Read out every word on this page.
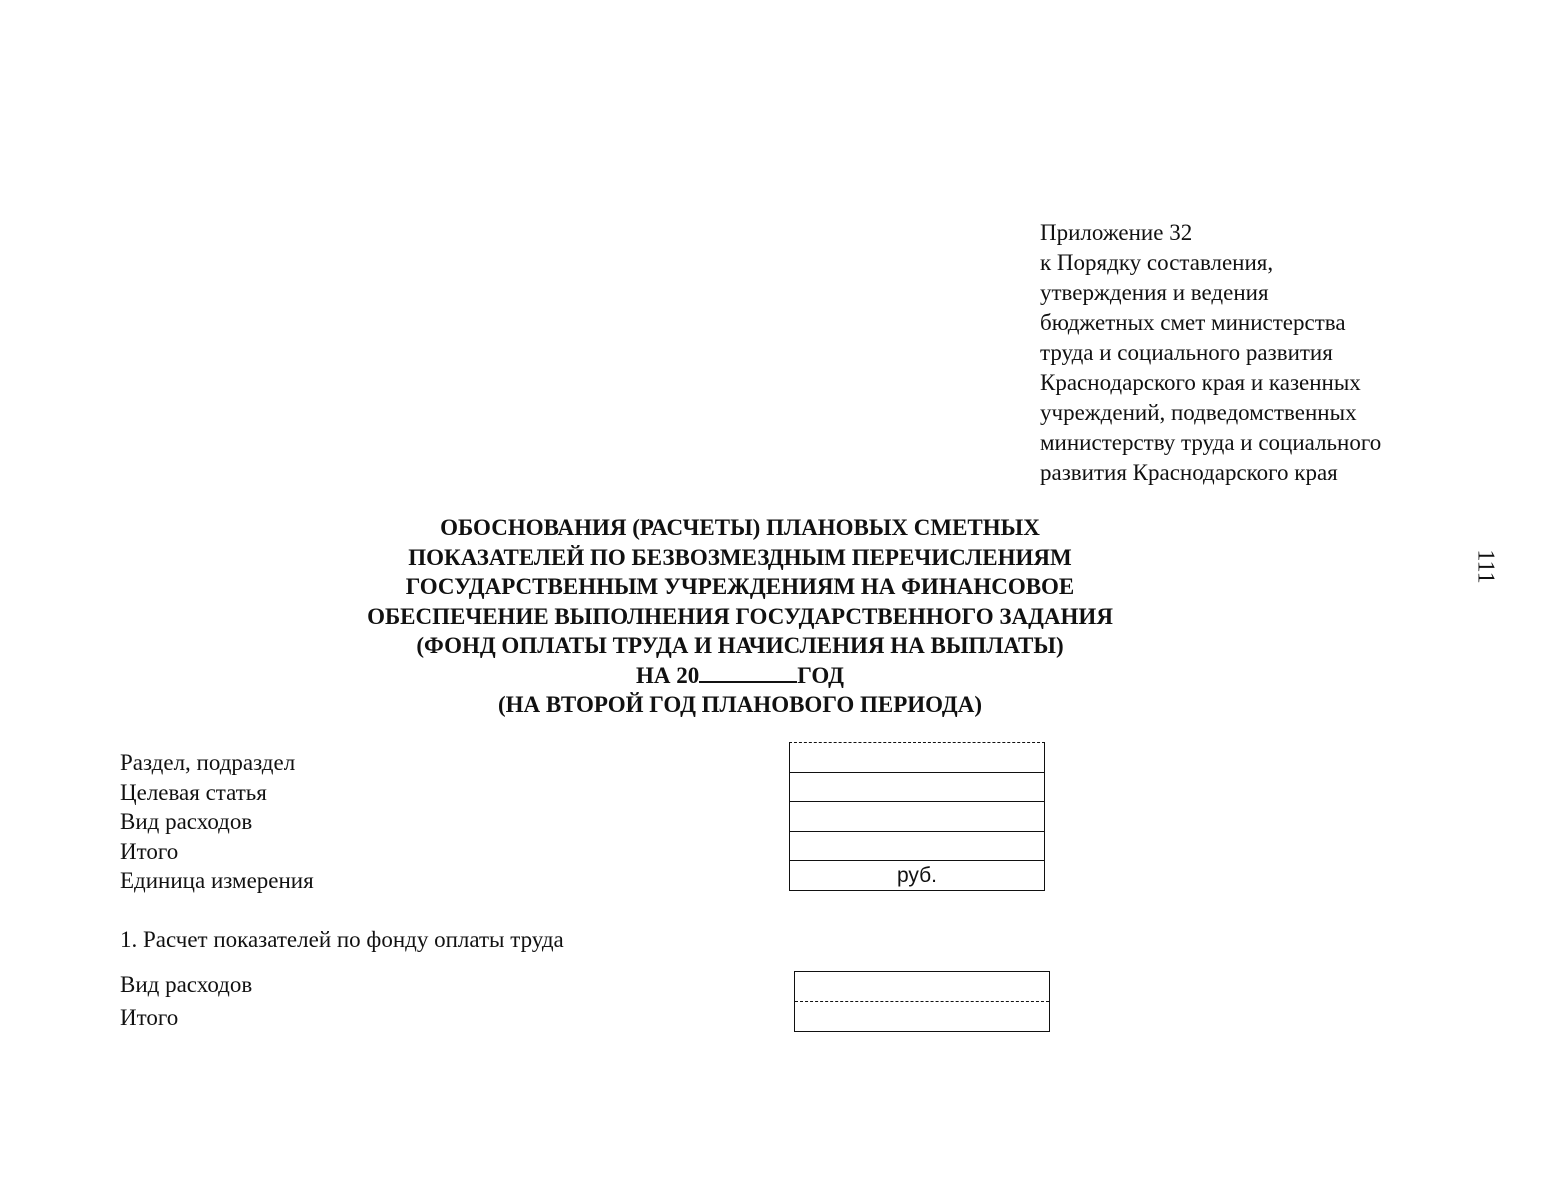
Приложение 32
к Порядку составления,
утверждения и ведения
бюджетных смет министерства
труда и социального развития
Краснодарского края и казенных
учреждений, подведомственных
министерству труда и социального
развития Краснодарского края
111
ОБОСНОВАНИЯ (РАСЧЕТЫ) ПЛАНОВЫХ СМЕТНЫХ
ПОКАЗАТЕЛЕЙ ПО БЕЗВОЗМЕЗДНЫМ ПЕРЕЧИСЛЕНИЯМ
ГОСУДАРСТВЕННЫМ УЧРЕЖДЕНИЯМ НА ФИНАНСОВОЕ
ОБЕСПЕЧЕНИЕ ВЫПОЛНЕНИЯ ГОСУДАРСТВЕННОГО ЗАДАНИЯ
(ФОНД ОПЛАТЫ ТРУДА И НАЧИСЛЕНИЯ НА ВЫПЛАТЫ)
НА 20	ГОД
(НА ВТОРОЙ ГОД ПЛАНОВОГО ПЕРИОДА)
Раздел, подраздел
Целевая статья
Вид расходов
Итого
Единица измерения	руб.
1. Расчет показателей по фонду оплаты труда
Вид расходов
Итого
